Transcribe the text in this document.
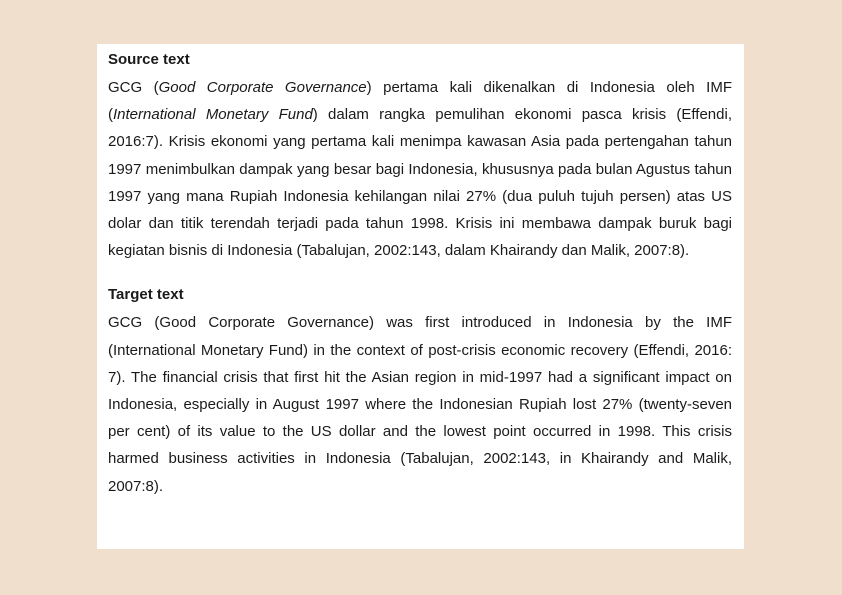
Source text

GCG (Good Corporate Governance) pertama kali dikenalkan di Indonesia oleh IMF (International Monetary Fund) dalam rangka pemulihan ekonomi pasca krisis (Effendi, 2016:7). Krisis ekonomi yang pertama kali menimpa kawasan Asia pada pertengahan tahun 1997 menimbulkan dampak yang besar bagi Indonesia, khususnya pada bulan Agustus tahun 1997 yang mana Rupiah Indonesia kehilangan nilai 27% (dua puluh tujuh persen) atas US dolar dan titik terendah terjadi pada tahun 1998. Krisis ini membawa dampak buruk bagi kegiatan bisnis di Indonesia (Tabalujan, 2002:143, dalam Khairandy dan Malik, 2007:8).

Target text

GCG (Good Corporate Governance) was first introduced in Indonesia by the IMF (International Monetary Fund) in the context of post-crisis economic recovery (Effendi, 2016: 7). The financial crisis that first hit the Asian region in mid-1997 had a significant impact on Indonesia, especially in August 1997 where the Indonesian Rupiah lost 27% (twenty-seven per cent) of its value to the US dollar and the lowest point occurred in 1998. This crisis harmed business activities in Indonesia (Tabalujan, 2002:143, in Khairandy and Malik, 2007:8).
